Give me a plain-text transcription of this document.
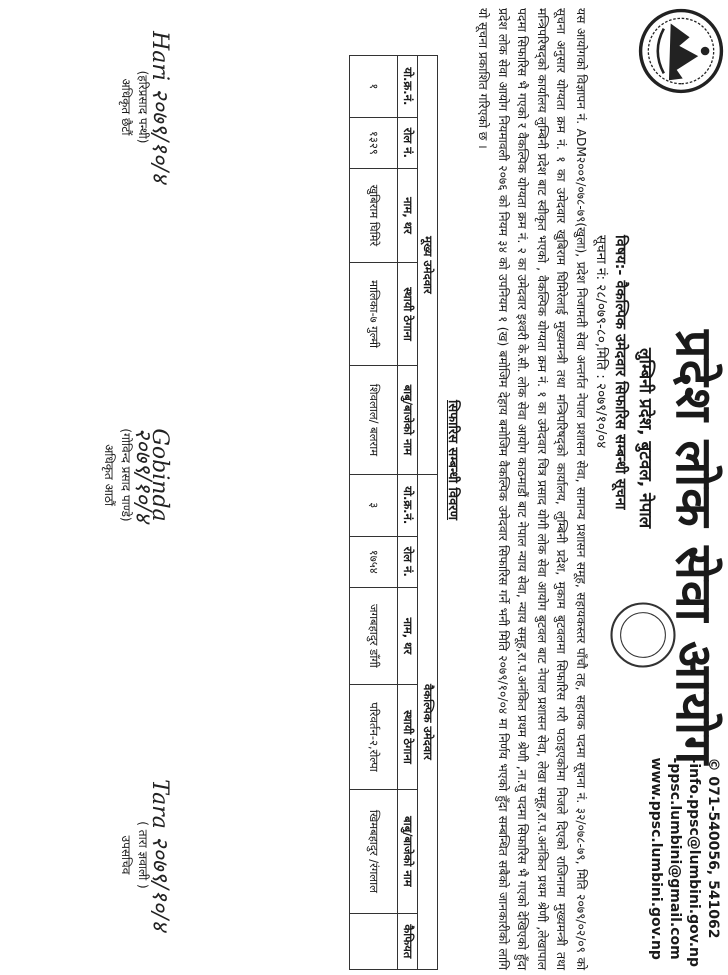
प्रदेश लोक सेवा आयोग
लुम्बिनी प्रदेश, बुटवल, नेपाल
© 071-540056, 541062
-info.ppsc@lumbini.gov.np
-ppsc.lumbini@gmail.com
www.ppsc.lumbini.gov.np
विषय:- वैकल्पिक उमेदवार सिफारिस सम्बन्धी सूचना
सूचना नं: २८/०७९-८०,मिति : २०७९/१०/०४
यस आयोगको विज्ञापन नं. ADM२००१/०७८-७९(खुला), प्रदेश निजामती सेवा अन्तर्गत नेपाल प्रशासन सेवा, सामान्य प्रशासन समूह, सहायकस्तर पाँचौ तह, सहायक पदमा सूचना नं. ३२/०७८-७९, मिति २०७९/०२/०९ को सूचना अनुसार योग्यता क्रम नं. १ का उमेदवार खुबिराम घिमिरेलाई मुख्यमन्त्री तथा मन्त्रिपरिषद्को कार्यालय, लुम्बिनी प्रदेश, मुकाम बुटवलमा सिफारिस गरी पठाइएकोमा निजले दिएको राजिनामा मुख्यमन्त्री तथा मन्त्रिपरिषद्को कार्यालय लुम्बिनी प्रदेश बाट स्वीकृत भएको , वैकल्पिक योग्यता क्रम नं. १ का उमेदवार चित्र प्रसाद योगी लोक सेवा आयोग बुटवल बाट नेपाल प्रशासन सेवा, लेखा समूह,रा.प.अनंकित प्रथम श्रेणी ,लेखापाल पदमा सिफारिस भै गएको र वैकल्पिक योग्यता क्रम नं. २ का उमेदवार इश्वरी के.सी. लोक सेवा आयोग काठमाडौं बाट नेपाल न्याय सेवा, न्याय समूह,रा.प.अनंकित प्रथम श्रेणी ,ना.सु पदमा सिफारिस भै गएको देखिएको हुँदा प्रदेश लोक सेवा आयोग नियमावली २०७६ को नियम ३४ को उपनियम १ (ख) बमोजिम देहाय बमोजिम वैकल्पिक उमेदवार सिफारिस गर्ने भनी मिति २०७९/१०/०४ मा निर्णय भएको हुँदा सम्बन्धित सबैको जानकारीको लागि यो सूचना प्रकाशित गरिएको छ ।
सिफारिस सम्बन्धी विवरण
मूख्य उमेदवार					वैकल्पिक उमेदवार					
यो.क्र.नं.	रोल नं.	नाम, थर	स्थायी ठेगाना	बाबु/बाजेको नाम	यो.क्र.नं.	रोल नं.	नाम, थर	स्थायी ठेगाना	बाबु/बाजेको नाम	कैफियत
१	१३२९	खुबिराम घिमिरे	मालिका-७ गुल्मी	शिवलाल/ बलराम	३	१७५४	जगबहादुर डाँगी	परिवर्तन-२,रोल्पा	खिमबहादुर /रंगलाल	
Hari २०७९/१०/४
(हरिप्रसाद पन्थी)
अधिकृत छैटौं
Gobinda २०७९/१०/४
(गोविन्द प्रसाद पाण्डे)
अधिकृत आठौं
Tara २०७९/१०/४
( तारा ज्ञवाली )
उपसचिव
